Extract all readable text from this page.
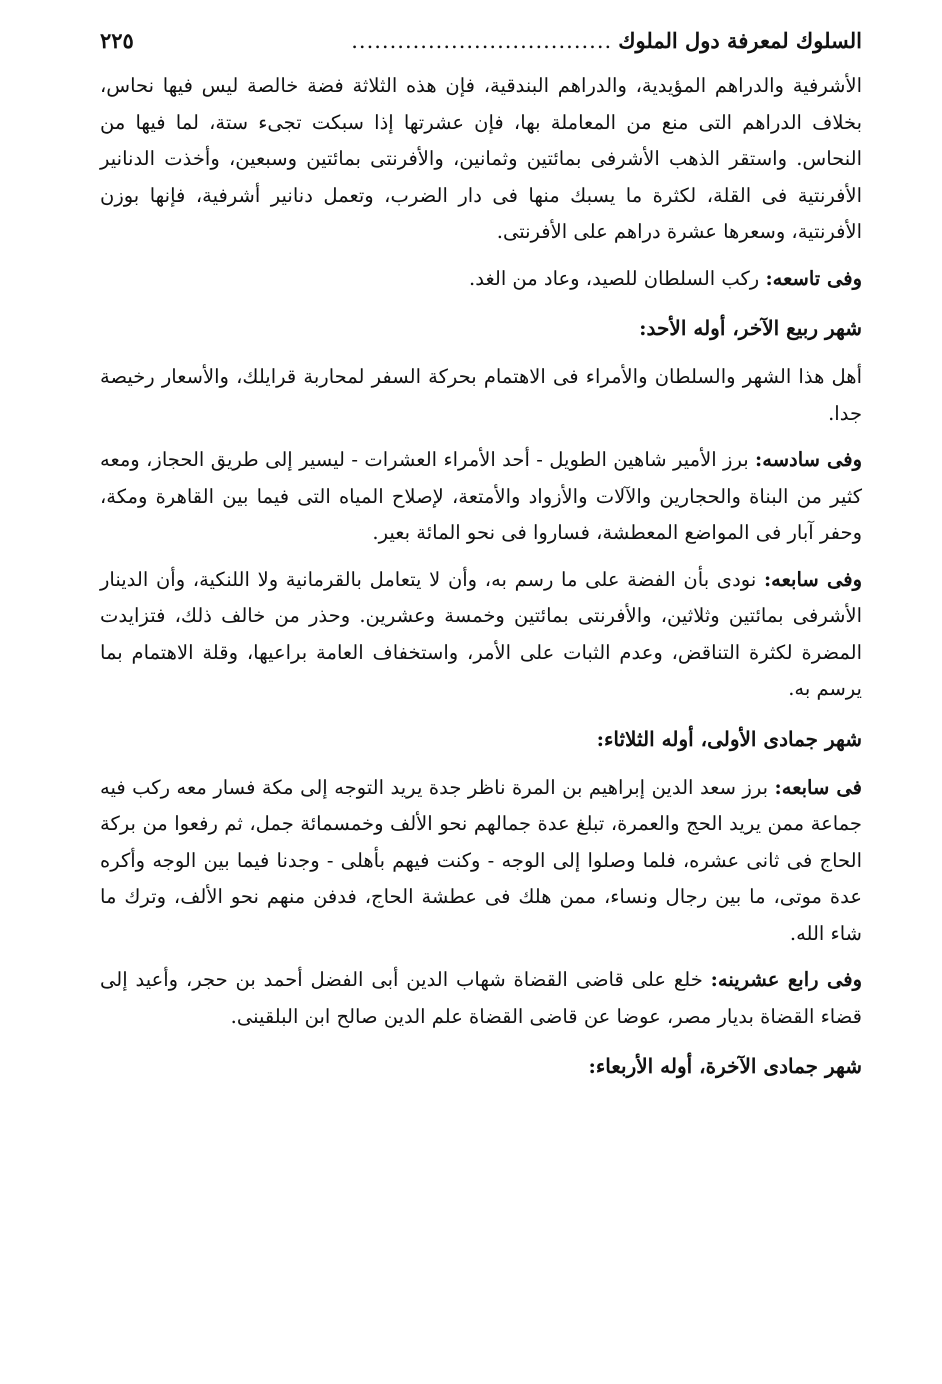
السلوك لمعرفة دول الملوك
..................................
٢٢٥

الأشرفية والدراهم المؤيدية، والدراهم البندقية، فإن هذه الثلاثة فضة خالصة ليس فيها نحاس، بخلاف الدراهم التى منع من المعاملة بها، فإن عشرتها إذا سبكت تجىء ستة، لما فيها من النحاس. واستقر الذهب الأشرفى بمائتين وثمانين، والأفرنتى بمائتين وسبعين، وأخذت الدنانير الأفرنتية فى القلة، لكثرة ما يسبك منها فى دار الضرب، وتعمل دنانير أشرفية، فإنها بوزن الأفرنتية، وسعرها عشرة دراهم على الأفرنتى.

وفى تاسعه: ركب السلطان للصيد، وعاد من الغد.

شهر ربيع الآخر، أوله الأحد:

أهل هذا الشهر والسلطان والأمراء فى الاهتمام بحركة السفر لمحاربة قرايلك، والأسعار رخيصة جدا.

وفى سادسه: برز الأمير شاهين الطويل - أحد الأمراء العشرات - ليسير إلى طريق الحجاز، ومعه كثير من البناة والحجارين والآلات والأزواد والأمتعة، لإصلاح المياه التى فيما بين القاهرة ومكة، وحفر آبار فى المواضع المعطشة، فساروا فى نحو المائة بعير.

وفى سابعه: نودى بأن الفضة على ما رسم به، وأن لا يتعامل بالقرمانية ولا اللنكية، وأن الدينار الأشرفى بمائتين وثلاثين، والأفرنتى بمائتين وخمسة وعشرين. وحذر من خالف ذلك، فتزايدت المضرة لكثرة التناقض، وعدم الثبات على الأمر، واستخفاف العامة براعيها، وقلة الاهتمام بما يرسم به.

شهر جمادى الأولى، أوله الثلاثاء:

فى سابعه: برز سعد الدين إبراهيم بن المرة ناظر جدة يريد التوجه إلى مكة فسار معه ركب فيه جماعة ممن يريد الحج والعمرة، تبلغ عدة جمالهم نحو الألف وخمسمائة جمل، ثم رفعوا من بركة الحاج فى ثانى عشره، فلما وصلوا إلى الوجه - وكنت فيهم بأهلى - وجدنا فيما بين الوجه وأكره عدة موتى، ما بين رجال ونساء، ممن هلك فى عطشة الحاج، فدفن منهم نحو الألف، وترك ما شاء الله.

وفى رابع عشرينه: خلع على قاضى القضاة شهاب الدين أبى الفضل أحمد بن حجر، وأعيد إلى قضاء القضاة بديار مصر، عوضا عن قاضى القضاة علم الدين صالح ابن البلقينى.

شهر جمادى الآخرة، أوله الأربعاء:
